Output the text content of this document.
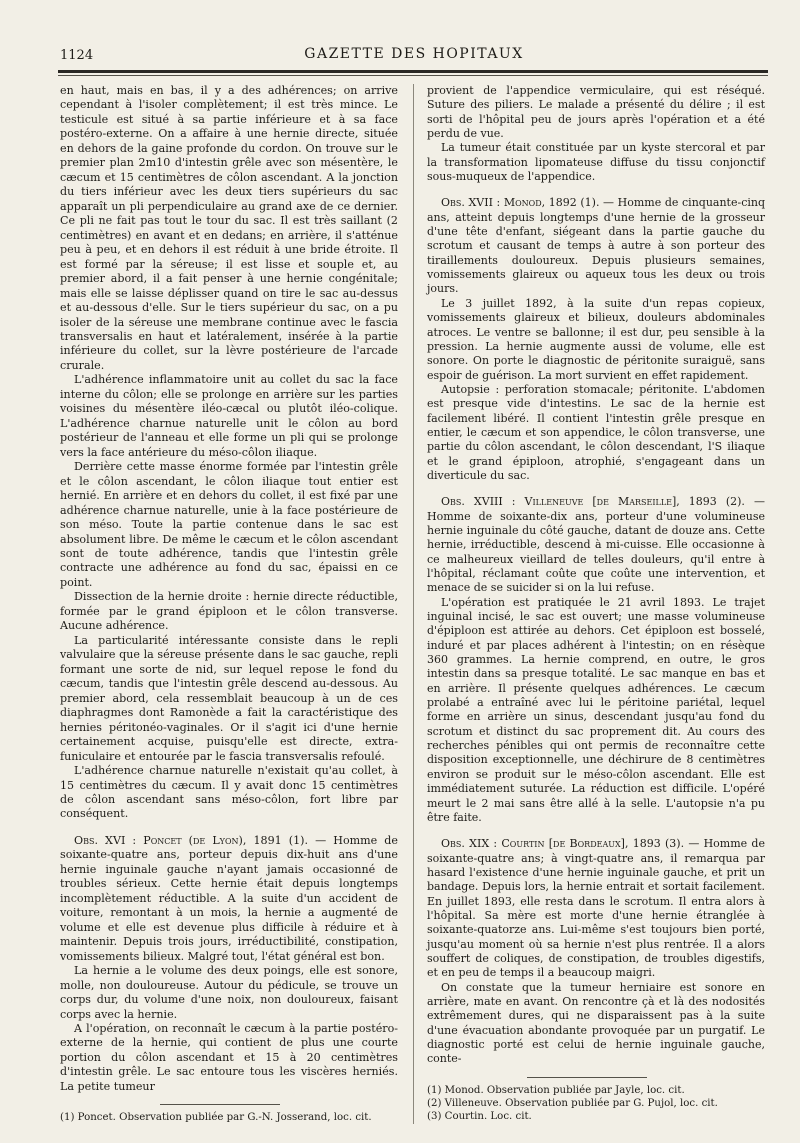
1124	GAZETTE DES HOPITAUX

en haut, mais en bas, il y a des adhérences; on arrive cependant à l'isoler complètement; il est très mince. Le testicule est situé à sa partie inférieure et à sa face postéro-externe. On a affaire à une hernie directe, située en dehors de la gaine profonde du cordon. On trouve sur le premier plan 2m10 d'intestin grêle avec son mésentère, le cæcum et 15 centimètres de côlon ascendant. A la jonction du tiers inférieur avec les deux tiers supérieurs du sac apparaît un pli perpendiculaire au grand axe de ce dernier. Ce pli ne fait pas tout le tour du sac. Il est très saillant (2 centimètres) en avant et en dedans; en arrière, il s'atténue peu à peu, et en dehors il est réduit à une bride étroite. Il est formé par la séreuse; il est lisse et souple et, au premier abord, il a fait penser à une hernie congénitale; mais elle se laisse déplisser quand on tire le sac au-dessus et au-dessous d'elle. Sur le tiers supérieur du sac, on a pu isoler de la séreuse une membrane continue avec le fascia transversalis en haut et latéralement, insérée à la partie inférieure du collet, sur la lèvre postérieure de l'arcade crurale.

L'adhérence inflammatoire unit au collet du sac la face interne du côlon; elle se prolonge en arrière sur les parties voisines du mésentère iléo-cæcal ou plutôt iléo-colique. L'adhérence charnue naturelle unit le côlon au bord postérieur de l'anneau et elle forme un pli qui se prolonge vers la face antérieure du méso-côlon iliaque.

Derrière cette masse énorme formée par l'intestin grêle et le côlon ascendant, le côlon iliaque tout entier est hernié. En arrière et en dehors du collet, il est fixé par une adhérence charnue naturelle, unie à la face postérieure de son méso. Toute la partie contenue dans le sac est absolument libre. De même le cæcum et le côlon ascendant sont de toute adhérence, tandis que l'intestin grêle contracte une adhérence au fond du sac, épaissi en ce point.

Dissection de la hernie droite : hernie directe réductible, formée par le grand épiploon et le côlon transverse. Aucune adhérence.

La particularité intéressante consiste dans le repli valvulaire que la séreuse présente dans le sac gauche, repli formant une sorte de nid, sur lequel repose le fond du cæcum, tandis que l'intestin grêle descend au-dessous. Au premier abord, cela ressemblait beaucoup à un de ces diaphragmes dont Ramonède a fait la caractéristique des hernies péritonéo-vaginales. Or il s'agit ici d'une hernie certainement acquise, puisqu'elle est directe, extra-funiculaire et entourée par le fascia transversalis refoulé.

L'adhérence charnue naturelle n'existait qu'au collet, à 15 centimètres du cæcum. Il y avait donc 15 centimètres de côlon ascendant sans méso-côlon, fort libre par conséquent.

Obs. XVI : Poncet (de Lyon), 1891 (1). — Homme de soixante-quatre ans, porteur depuis dix-huit ans d'une hernie inguinale gauche n'ayant jamais occasionné de troubles sérieux. Cette hernie était depuis longtemps incomplètement réductible. A la suite d'un accident de voiture, remontant à un mois, la hernie a augmenté de volume et elle est devenue plus difficile à réduire et à maintenir. Depuis trois jours, irréductibilité, constipation, vomissements bilieux. Malgré tout, l'état général est bon.

La hernie a le volume des deux poings, elle est sonore, molle, non douloureuse. Autour du pédicule, se trouve un corps dur, du volume d'une noix, non douloureux, faisant corps avec la hernie.

A l'opération, on reconnaît le cæcum à la partie postéro-externe de la hernie, qui contient de plus une courte portion du côlon ascendant et 15 à 20 centimètres d'intestin grêle. Le sac entoure tous les viscères herniés. La petite tumeur

(1) Poncet. Observation publiée par G.-N. Josserand, loc. cit.

provient de l'appendice vermiculaire, qui est réséqué. Suture des piliers. Le malade a présenté du délire ; il est sorti de l'hôpital peu de jours après l'opération et a été perdu de vue.

La tumeur était constituée par un kyste stercoral et par la transformation lipomateuse diffuse du tissu conjonctif sous-muqueux de l'appendice.

Obs. XVII : Monod, 1892 (1). — Homme de cinquante-cinq ans, atteint depuis longtemps d'une hernie de la grosseur d'une tête d'enfant, siégeant dans la partie gauche du scrotum et causant de temps à autre à son porteur des tiraillements douloureux. Depuis plusieurs semaines, vomissements glaireux ou aqueux tous les deux ou trois jours.

Le 3 juillet 1892, à la suite d'un repas copieux, vomissements glaireux et bilieux, douleurs abdominales atroces. Le ventre se ballonne; il est dur, peu sensible à la pression. La hernie augmente aussi de volume, elle est sonore. On porte le diagnostic de péritonite suraiguë, sans espoir de guérison. La mort survient en effet rapidement.

Autopsie : perforation stomacale; péritonite. L'abdomen est presque vide d'intestins. Le sac de la hernie est facilement libéré. Il contient l'intestin grêle presque en entier, le cæcum et son appendice, le côlon transverse, une partie du côlon ascendant, le côlon descendant, l'S iliaque et le grand épiploon, atrophié, s'engageant dans un diverticule du sac.

Obs. XVIII : Villeneuve [de Marseille], 1893 (2). — Homme de soixante-dix ans, porteur d'une volumineuse hernie inguinale du côté gauche, datant de douze ans. Cette hernie, irréductible, descend à mi-cuisse. Elle occasionne à ce malheureux vieillard de telles douleurs, qu'il entre à l'hôpital, réclamant coûte que coûte une intervention, et menace de se suicider si on la lui refuse.

L'opération est pratiquée le 21 avril 1893. Le trajet inguinal incisé, le sac est ouvert; une masse volumineuse d'épiploon est attirée au dehors. Cet épiploon est bosselé, induré et par places adhérent à l'intestin; on en résèque 360 grammes. La hernie comprend, en outre, le gros intestin dans sa presque totalité. Le sac manque en bas et en arrière. Il présente quelques adhérences. Le cæcum prolabé a entraîné avec lui le péritoine pariétal, lequel forme en arrière un sinus, descendant jusqu'au fond du scrotum et distinct du sac proprement dit. Au cours des recherches pénibles qui ont permis de reconnaître cette disposition exceptionnelle, une déchirure de 8 centimètres environ se produit sur le méso-côlon ascendant. Elle est immédiatement suturée. La réduction est difficile. L'opéré meurt le 2 mai sans être allé à la selle. L'autopsie n'a pu être faite.

Obs. XIX : Courtin [de Bordeaux], 1893 (3). — Homme de soixante-quatre ans; à vingt-quatre ans, il remarqua par hasard l'existence d'une hernie inguinale gauche, et prit un bandage. Depuis lors, la hernie entrait et sortait facilement. En juillet 1893, elle resta dans le scrotum. Il entra alors à l'hôpital. Sa mère est morte d'une hernie étranglée à soixante-quatorze ans. Lui-même s'est toujours bien porté, jusqu'au moment où sa hernie n'est plus rentrée. Il a alors souffert de coliques, de constipation, de troubles digestifs, et en peu de temps il a beaucoup maigri.

On constate que la tumeur herniaire est sonore en arrière, mate en avant. On rencontre çà et là des nodosités extrêmement dures, qui ne disparaissent pas à la suite d'une évacuation abondante provoquée par un purgatif. Le diagnostic porté est celui de hernie inguinale gauche, conte-

(1) Monod. Observation publiée par Jayle, loc. cit.
(2) Villeneuve. Observation publiée par G. Pujol, loc. cit.
(3) Courtin. Loc. cit.
